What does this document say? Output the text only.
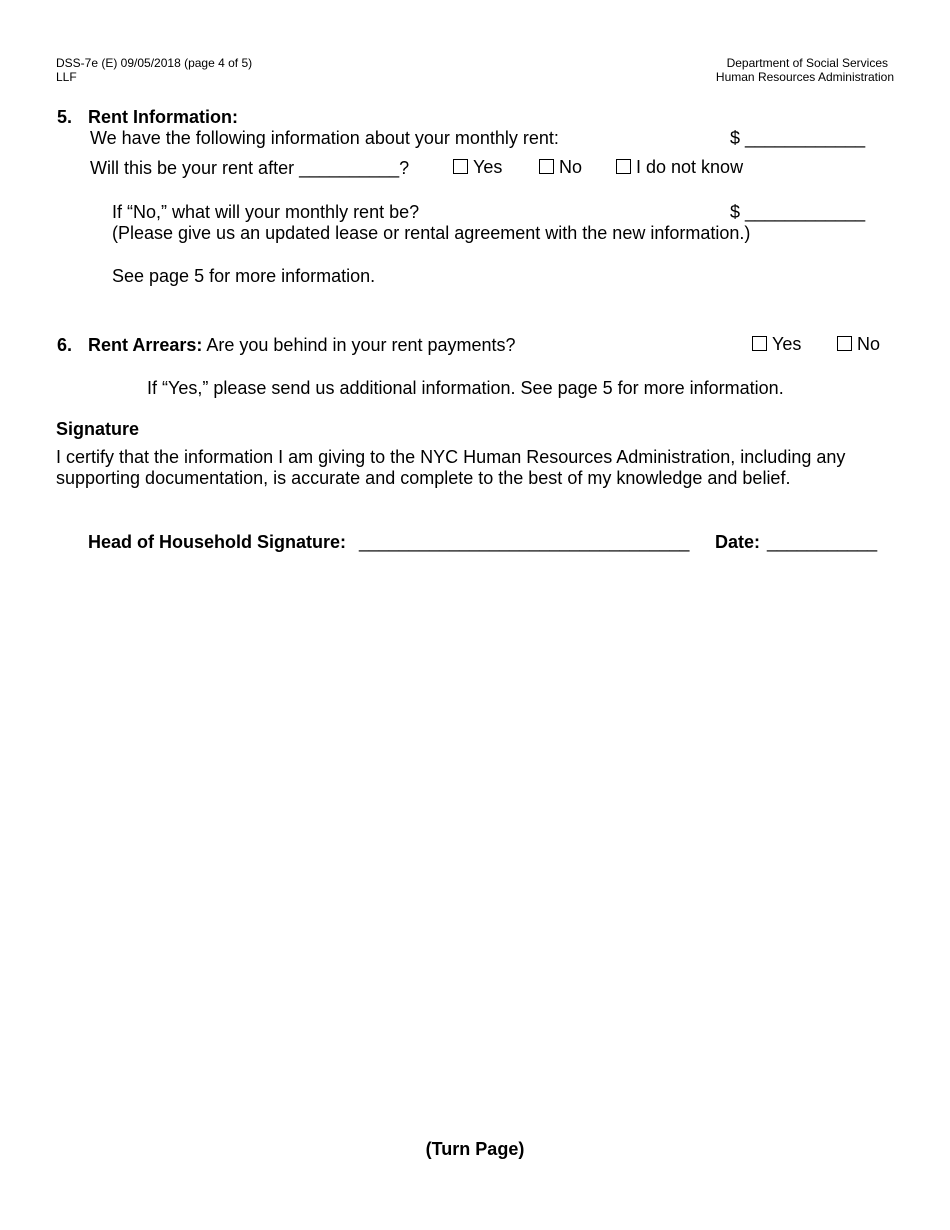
DSS-7e (E) 09/05/2018 (page 4 of 5)
LLF
Department of Social Services
Human Resources Administration
5. Rent Information:
We have the following information about your monthly rent:	$ ____________
Will this be your rent after __________?	Yes	No	I do not know
If “No,” what will your monthly rent be?	$ ____________
(Please give us an updated lease or rental agreement with the new information.)
See page 5 for more information.
6. Rent Arrears: Are you behind in your rent payments?	Yes	No
If “Yes,” please send us additional information. See page 5 for more information.
Signature
I certify that the information I am giving to the NYC Human Resources Administration, including any
supporting documentation, is accurate and complete to the best of my knowledge and belief.
Head of Household Signature: _________________________________ Date: ___________
(Turn Page)
